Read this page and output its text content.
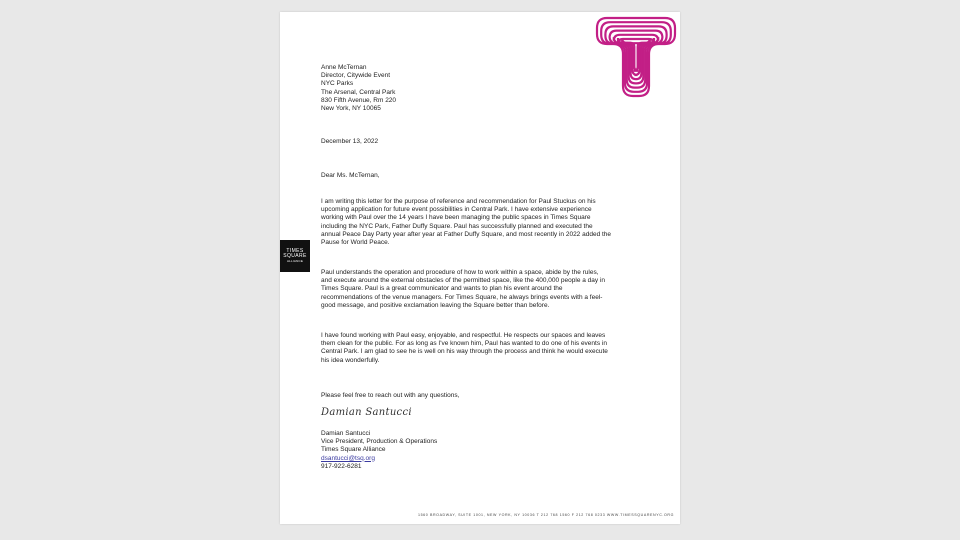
TIMES
SQUARE
ALLIANCE
Anne McTernan
Director, Citywide Event
NYC Parks
The Arsenal, Central Park
830 Fifth Avenue, Rm 220
New York, NY 10065
December 13, 2022
Dear Ms. McTernan,
I am writing this letter for the purpose of reference and recommendation for Paul Stuckus on his
upcoming application for future event possibilities in Central Park. I have extensive experience
working with Paul over the 14 years I have been managing the public spaces in Times Square
including the NYC Park, Father Duffy Square. Paul has successfully planned and executed the
annual Peace Day Party year after year at Father Duffy Square, and most recently in 2022 added the
Pause for World Peace.
Paul understands the operation and procedure of how to work within a space, abide by the rules,
and execute around the external obstacles of the permitted space, like the 400,000 people a day in
Times Square. Paul is a great communicator and wants to plan his event around the
recommendations of the venue managers. For Times Square, he always brings events with a feel-
good message, and positive exclamation leaving the Square better than before.
I have found working with Paul easy, enjoyable, and respectful. He respects our spaces and leaves
them clean for the public. For as long as I've known him, Paul has wanted to do one of his events in
Central Park. I am glad to see he is well on his way through the process and think he would execute
his idea wonderfully.
Please feel free to reach out with any questions,
Damian Santucci
Damian Santucci
Vice President, Production & Operations
Times Square Alliance
dsantucci@tsq.org
917-922-6281
1560 BROADWAY, SUITE 1001, NEW YORK, NY 10036 T 212 768 1560 F 212 768 0233 WWW.TIMESSQUARENYC.ORG
